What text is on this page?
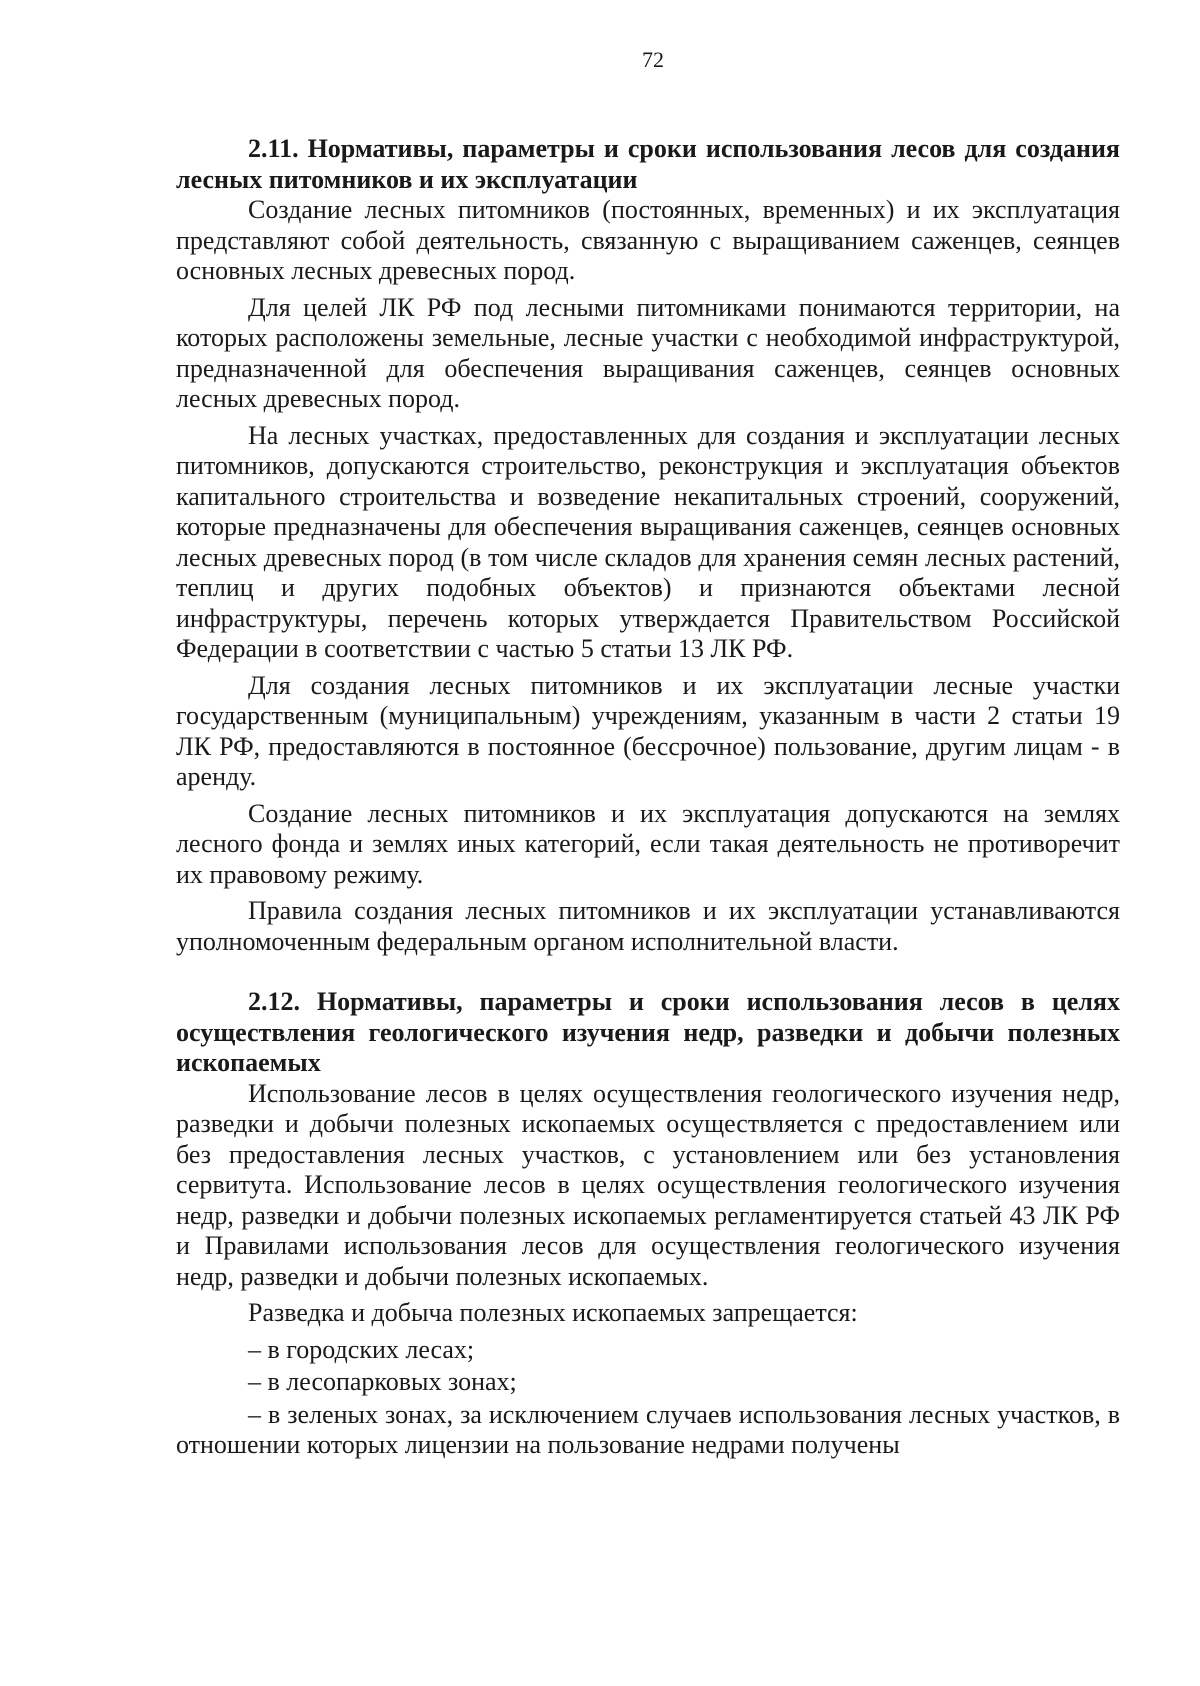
72

2.11. Нормативы, параметры и сроки использования лесов для создания лесных питомников и их эксплуатации

Создание лесных питомников (постоянных, временных) и их эксплуатация представляют собой деятельность, связанную с выращиванием саженцев, сеянцев основных лесных древесных пород.

Для целей ЛК РФ под лесными питомниками понимаются территории, на которых расположены земельные, лесные участки с необходимой инфраструктурой, предназначенной для обеспечения выращивания саженцев, сеянцев основных лесных древесных пород.

На лесных участках, предоставленных для создания и эксплуатации лесных питомников, допускаются строительство, реконструкция и эксплуатация объектов капитального строительства и возведение некапитальных строений, сооружений, которые предназначены для обеспечения выращивания саженцев, сеянцев основных лесных древесных пород (в том числе складов для хранения семян лесных растений, теплиц и других подобных объектов) и признаются объектами лесной инфраструктуры, перечень которых утверждается Правительством Российской Федерации в соответствии с частью 5 статьи 13 ЛК РФ.

Для создания лесных питомников и их эксплуатации лесные участки государственным (муниципальным) учреждениям, указанным в части 2 статьи 19 ЛК РФ, предоставляются в постоянное (бессрочное) пользование, другим лицам - в аренду.

Создание лесных питомников и их эксплуатация допускаются на землях лесного фонда и землях иных категорий, если такая деятельность не противоречит их правовому режиму.

Правила создания лесных питомников и их эксплуатации устанавливаются уполномоченным федеральным органом исполнительной власти.

2.12. Нормативы, параметры и сроки использования лесов в целях осуществления геологического изучения недр, разведки и добычи полезных ископаемых

Использование лесов в целях осуществления геологического изучения недр, разведки и добычи полезных ископаемых осуществляется с предоставлением или без предоставления лесных участков, с установлением или без установления сервитута. Использование лесов в целях осуществления геологического изучения недр, разведки и добычи полезных ископаемых регламентируется статьей 43 ЛК РФ и Правилами использования лесов для осуществления геологического изучения недр, разведки и добычи полезных ископаемых.

Разведка и добыча полезных ископаемых запрещается:

– в городских лесах;

– в лесопарковых зонах;

– в зеленых зонах, за исключением случаев использования лесных участков, в отношении которых лицензии на пользование недрами получены
